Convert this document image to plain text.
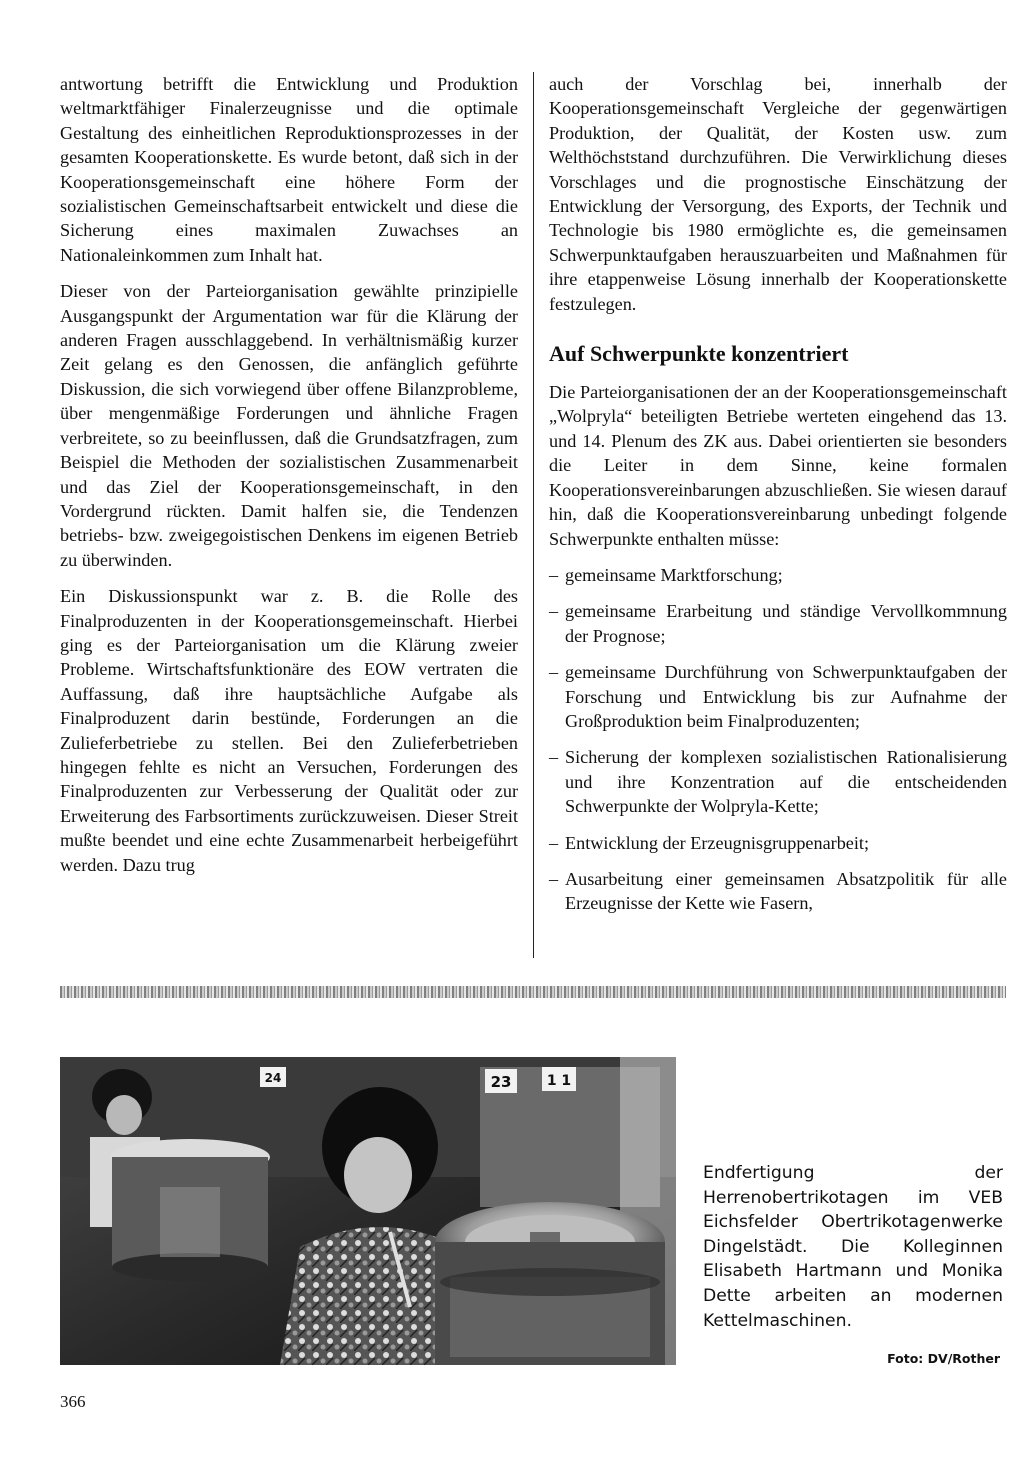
antwortung betrifft die Entwicklung und Produktion weltmarktfähiger Finalerzeugnisse und die optimale Gestaltung des einheitlichen Reproduktionsprozesses in der gesamten Kooperationskette. Es wurde betont, daß sich in der Kooperationsgemeinschaft eine höhere Form der sozialistischen Gemeinschaftsarbeit entwickelt und diese die Sicherung eines maximalen Zuwachses an Nationaleinkommen zum Inhalt hat.

Dieser von der Parteiorganisation gewählte prinzipielle Ausgangspunkt der Argumentation war für die Klärung der anderen Fragen ausschlaggebend. In verhältnismäßig kurzer Zeit gelang es den Genossen, die anfänglich geführte Diskussion, die sich vorwiegend über offene Bilanzprobleme, über mengenmäßige Forderungen und ähnliche Fragen verbreitete, so zu beeinflussen, daß die Grundsatzfragen, zum Beispiel die Methoden der sozialistischen Zusammenarbeit und das Ziel der Kooperationsgemeinschaft, in den Vordergrund rückten. Damit halfen sie, die Tendenzen betriebs- bzw. zweigegoistischen Denkens im eigenen Betrieb zu überwinden.

Ein Diskussionspunkt war z. B. die Rolle des Finalproduzenten in der Kooperationsgemeinschaft. Hierbei ging es der Parteiorganisation um die Klärung zweier Probleme. Wirtschaftsfunktionäre des EOW vertraten die Auffassung, daß ihre hauptsächliche Aufgabe als Finalproduzent darin bestünde, Forderungen an die Zulieferbetriebe zu stellen. Bei den Zulieferbetrieben hingegen fehlte es nicht an Versuchen, Forderungen des Finalproduzenten zur Verbesserung der Qualität oder zur Erweiterung des Farbsortiments zurückzuweisen. Dieser Streit mußte beendet und eine echte Zusammenarbeit herbeigeführt werden. Dazu trug

auch der Vorschlag bei, innerhalb der Kooperationsgemeinschaft Vergleiche der gegenwärtigen Produktion, der Qualität, der Kosten usw. zum Welthöchststand durchzuführen. Die Verwirklichung dieses Vorschlages und die prognostische Einschätzung der Entwicklung der Versorgung, des Exports, der Technik und Technologie bis 1980 ermöglichte es, die gemeinsamen Schwerpunktaufgaben herauszuarbeiten und Maßnahmen für ihre etappenweise Lösung innerhalb der Kooperationskette festzulegen.

Auf Schwerpunkte konzentriert

Die Parteiorganisationen der an der Kooperationsgemeinschaft „Wolpryla“ beteiligten Betriebe werteten eingehend das 13. und 14. Plenum des ZK aus. Dabei orientierten sie besonders die Leiter in dem Sinne, keine formalen Kooperationsvereinbarungen abzuschließen. Sie wiesen darauf hin, daß die Kooperationsvereinbarung unbedingt folgende Schwerpunkte enthalten müsse:

– gemeinsame Marktforschung;
– gemeinsame Erarbeitung und ständige Vervollkommnung der Prognose;
– gemeinsame Durchführung von Schwerpunktaufgaben der Forschung und Entwicklung bis zur Aufnahme der Großproduktion beim Finalproduzenten;
– Sicherung der komplexen sozialistischen Rationalisierung und ihre Konzentration auf die entscheidenden Schwerpunkte der Wolpryla-Kette;
– Entwicklung der Erzeugnisgruppenarbeit;
– Ausarbeitung einer gemeinsamen Absatzpolitik für alle Erzeugnisse der Kette wie Fasern,
24	23	1 1
Endfertigung der Herrenobertrikotagen im VEB Eichsfelder Obertrikotagenwerke Dingelstädt. Die Kolleginnen Elisabeth Hartmann und Monika Dette arbeiten an modernen Kettelmaschinen.
Foto: DV/Rother
366
